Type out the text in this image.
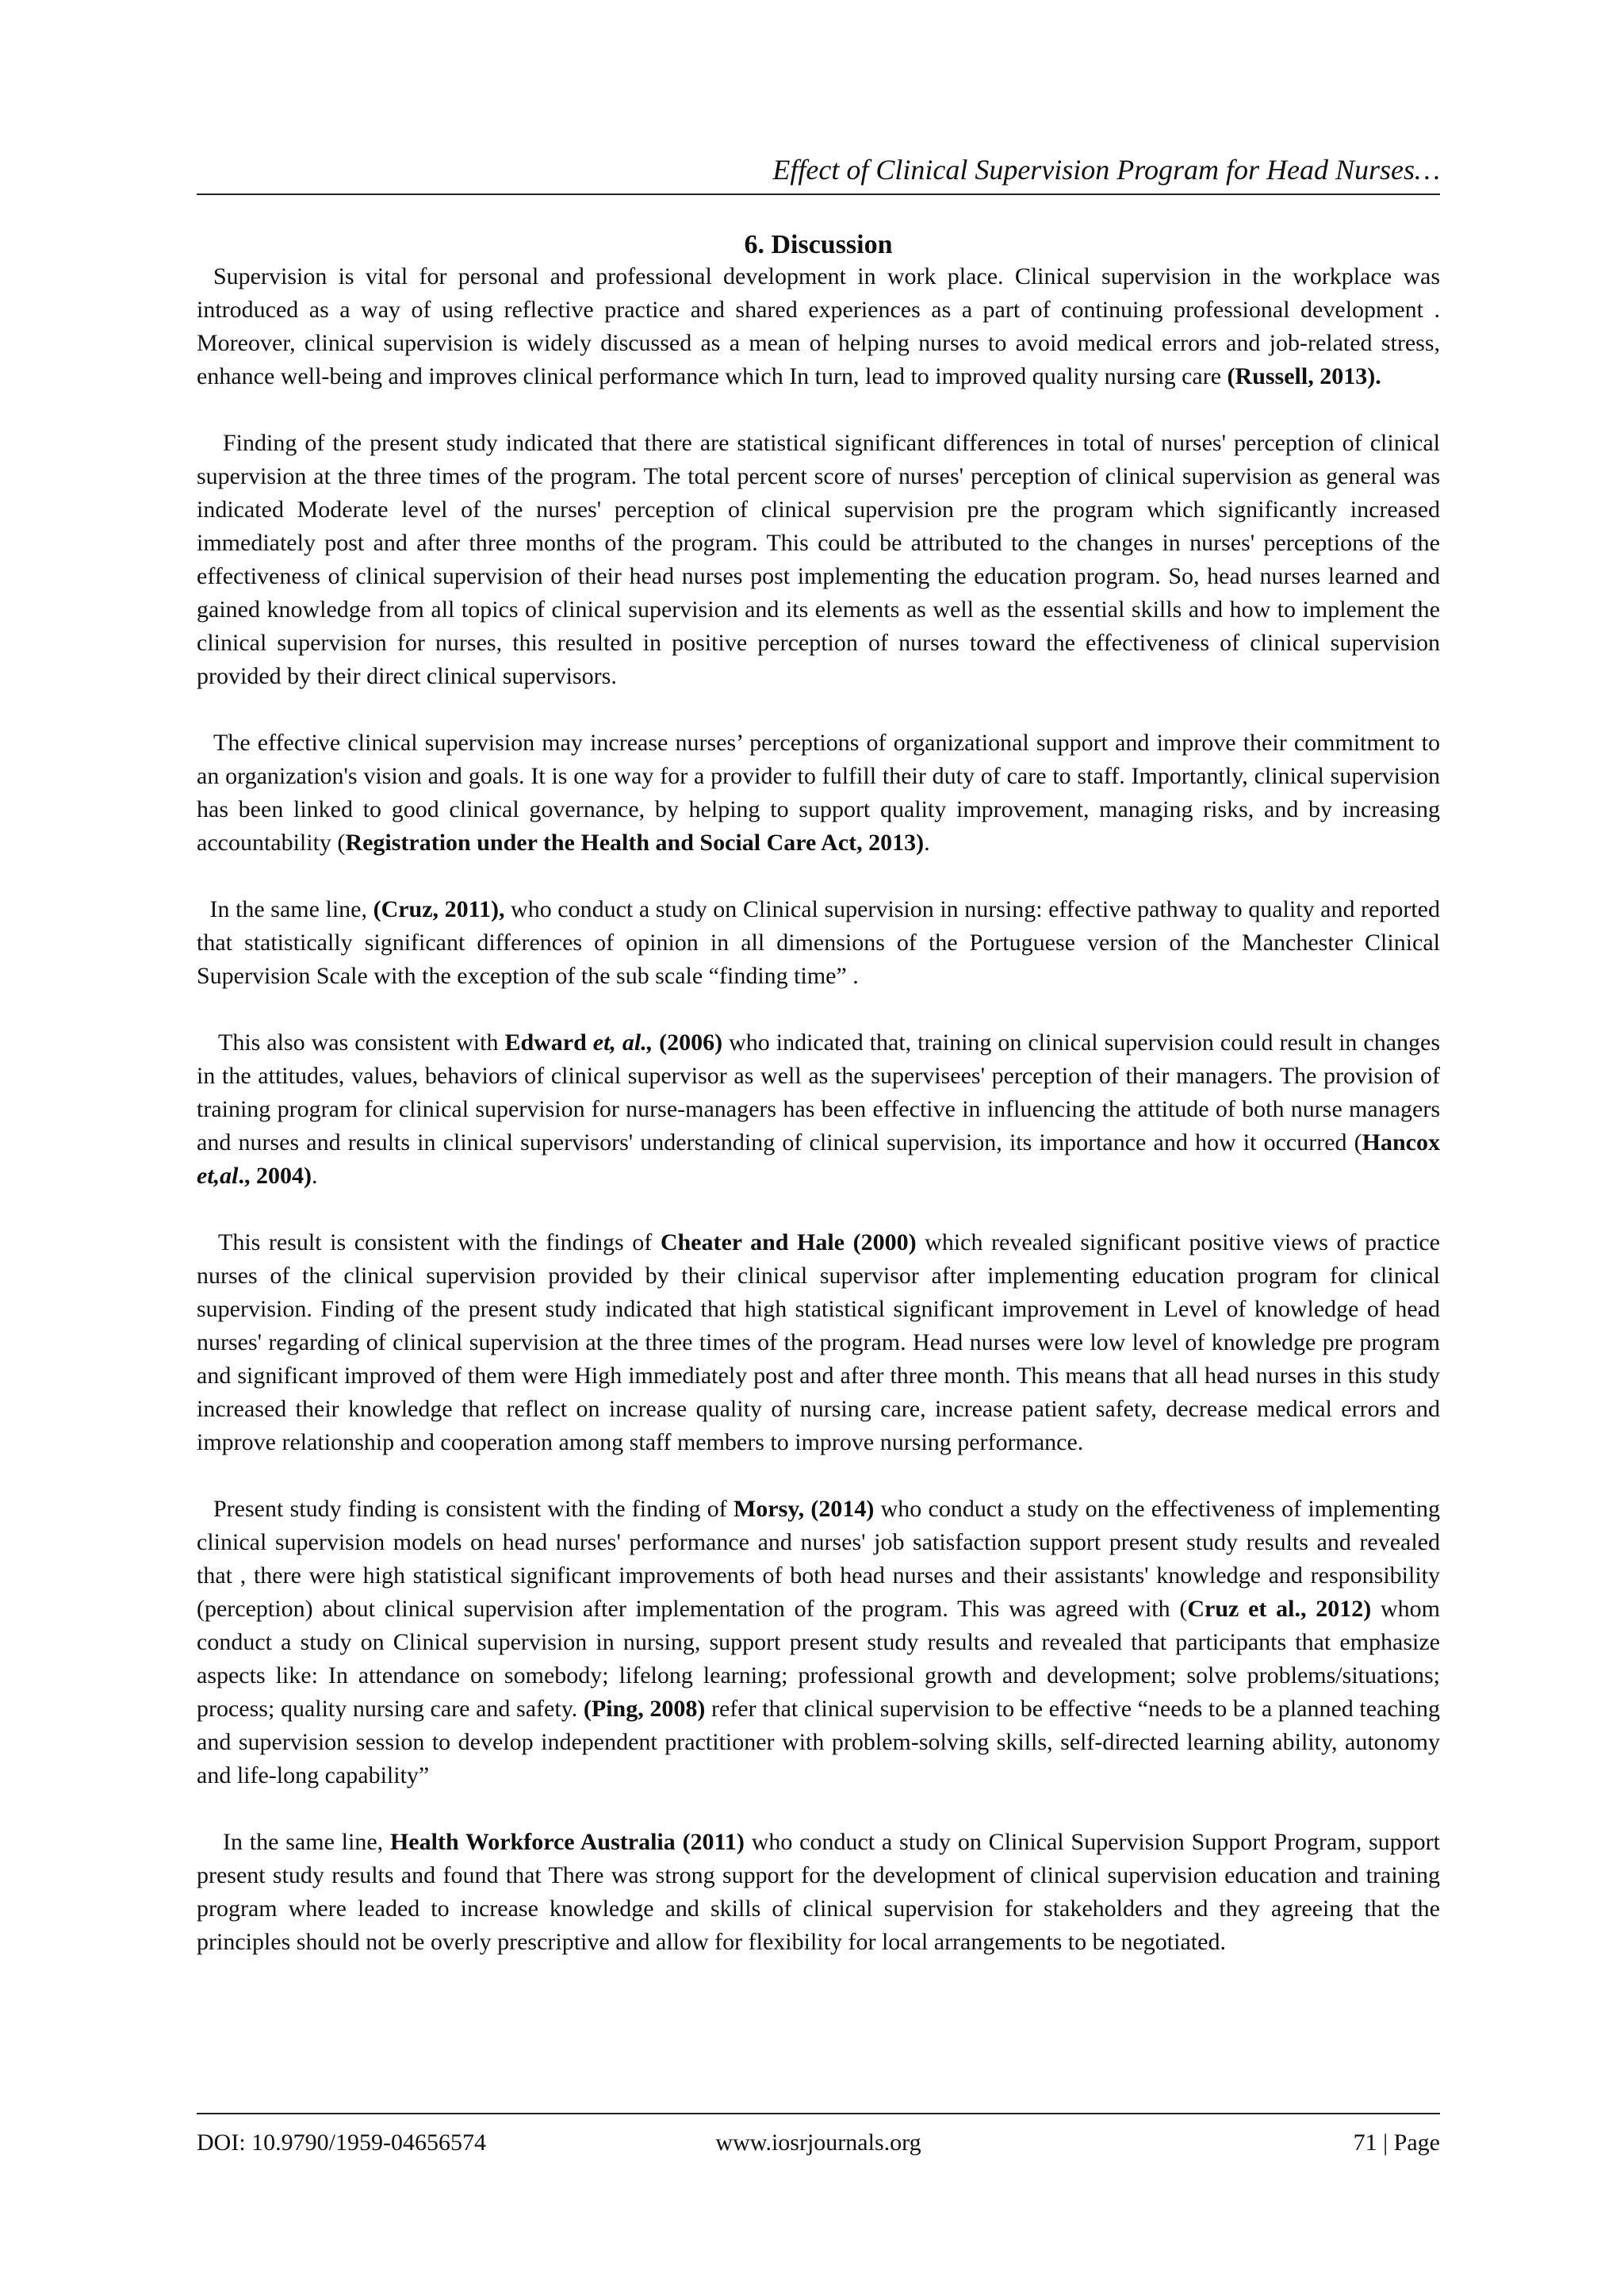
Effect of Clinical Supervision Program for Head Nurses…
6. Discussion

Supervision is vital for personal and professional development in work place. Clinical supervision in the workplace was introduced as a way of using reflective practice and shared experiences as a part of continuing professional development . Moreover, clinical supervision is widely discussed as a mean of helping nurses to avoid medical errors and job-related stress, enhance well-being and improves clinical performance which In turn, lead to improved quality nursing care (Russell, 2013).

Finding of the present study indicated that there are statistical significant differences in total of nurses' perception of clinical supervision at the three times of the program. The total percent score of nurses' perception of clinical supervision as general was indicated Moderate level of the nurses' perception of clinical supervision pre the program which significantly increased immediately post and after three months of the program. This could be attributed to the changes in nurses' perceptions of the effectiveness of clinical supervision of their head nurses post implementing the education program. So, head nurses learned and gained knowledge from all topics of clinical supervision and its elements as well as the essential skills and how to implement the clinical supervision for nurses, this resulted in positive perception of nurses toward the effectiveness of clinical supervision provided by their direct clinical supervisors.

The effective clinical supervision may increase nurses’ perceptions of organizational support and improve their commitment to an organization's vision and goals. It is one way for a provider to fulfill their duty of care to staff. Importantly, clinical supervision has been linked to good clinical governance, by helping to support quality improvement, managing risks, and by increasing accountability (Registration under the Health and Social Care Act, 2013).

In the same line, (Cruz, 2011), who conduct a study on Clinical supervision in nursing: effective pathway to quality and reported that statistically significant differences of opinion in all dimensions of the Portuguese version of the Manchester Clinical Supervision Scale with the exception of the sub scale “finding time” .

This also was consistent with Edward et, al., (2006) who indicated that, training on clinical supervision could result in changes in the attitudes, values, behaviors of clinical supervisor as well as the supervisees' perception of their managers. The provision of training program for clinical supervision for nurse-managers has been effective in influencing the attitude of both nurse managers and nurses and results in clinical supervisors' understanding of clinical supervision, its importance and how it occurred (Hancox et,al., 2004).

This result is consistent with the findings of Cheater and Hale (2000) which revealed significant positive views of practice nurses of the clinical supervision provided by their clinical supervisor after implementing education program for clinical supervision. Finding of the present study indicated that high statistical significant improvement in Level of knowledge of head nurses' regarding of clinical supervision at the three times of the program. Head nurses were low level of knowledge pre program and significant improved of them were High immediately post and after three month. This means that all head nurses in this study increased their knowledge that reflect on increase quality of nursing care, increase patient safety, decrease medical errors and improve relationship and cooperation among staff members to improve nursing performance.

Present study finding is consistent with the finding of Morsy, (2014) who conduct a study on the effectiveness of implementing clinical supervision models on head nurses' performance and nurses' job satisfaction support present study results and revealed that , there were high statistical significant improvements of both head nurses and their assistants' knowledge and responsibility (perception) about clinical supervision after implementation of the program. This was agreed with (Cruz et al., 2012) whom conduct a study on Clinical supervision in nursing, support present study results and revealed that participants that emphasize aspects like: In attendance on somebody; lifelong learning; professional growth and development; solve problems/situations; process; quality nursing care and safety. (Ping, 2008) refer that clinical supervision to be effective “needs to be a planned teaching and supervision session to develop independent practitioner with problem-solving skills, self-directed learning ability, autonomy and life-long capability”

In the same line, Health Workforce Australia (2011) who conduct a study on Clinical Supervision Support Program, support present study results and found that There was strong support for the development of clinical supervision education and training program where leaded to increase knowledge and skills of clinical supervision for stakeholders and they agreeing that the principles should not be overly prescriptive and allow for flexibility for local arrangements to be negotiated.

DOI: 10.9790/1959-04656574	www.iosrjournals.org	71 | Page
